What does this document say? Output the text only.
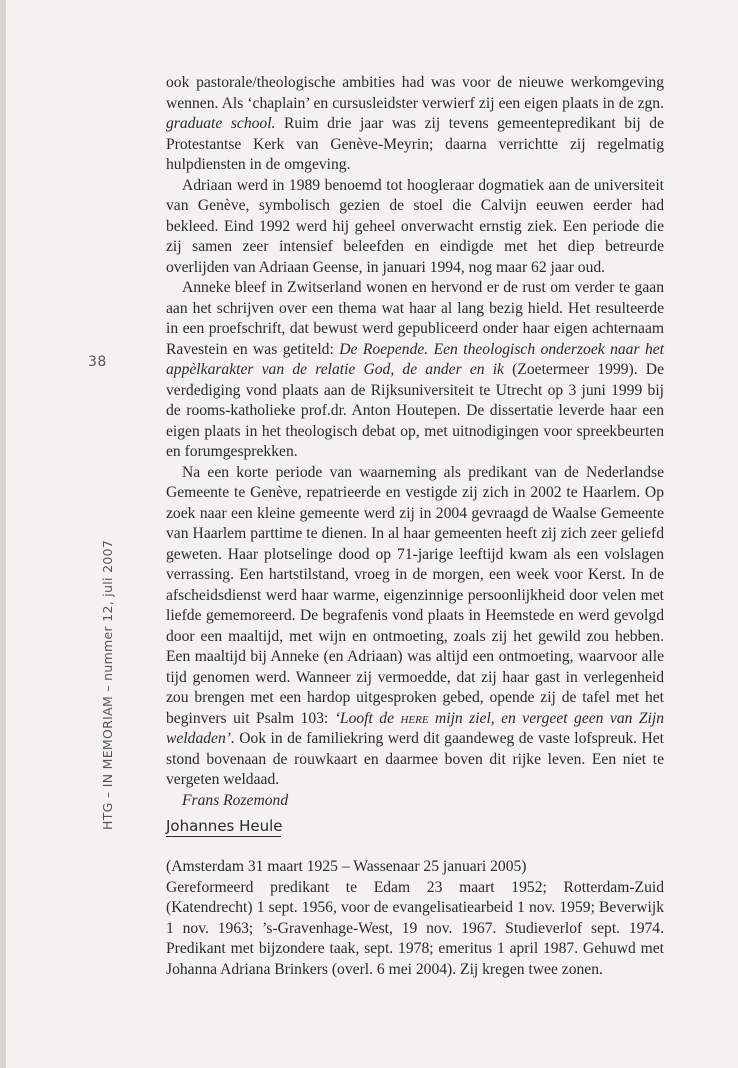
38
HTG – IN MEMORIAM – nummer 12, juli 2007

ook pastorale/theologische ambities had was voor de nieuwe werkomgeving wennen. Als ‘chaplain’ en cursusleidster verwierf zij een eigen plaats in de zgn. graduate school. Ruim drie jaar was zij tevens gemeentepredikant bij de Protestantse Kerk van Genève-Meyrin; daarna verrichtte zij regelmatig hulpdiensten in de omgeving.

Adriaan werd in 1989 benoemd tot hoogleraar dogmatiek aan de universiteit van Genève, symbolisch gezien de stoel die Calvijn eeuwen eerder had bekleed. Eind 1992 werd hij geheel onverwacht ernstig ziek. Een periode die zij samen zeer intensief beleefden en eindigde met het diep betreurde overlijden van Adriaan Geense, in januari 1994, nog maar 62 jaar oud.

Anneke bleef in Zwitserland wonen en hervond er de rust om verder te gaan aan het schrijven over een thema wat haar al lang bezig hield. Het resulteerde in een proefschrift, dat bewust werd gepubliceerd onder haar eigen achternaam Ravestein en was getiteld: De Roepende. Een theologisch onderzoek naar het appèlkarakter van de relatie God, de ander en ik (Zoetermeer 1999). De verdediging vond plaats aan de Rijksuniversiteit te Utrecht op 3 juni 1999 bij de rooms-katholieke prof.dr. Anton Houtepen. De dissertatie leverde haar een eigen plaats in het theologisch debat op, met uitnodigingen voor spreekbeurten en forumgesprekken.

Na een korte periode van waarneming als predikant van de Nederlandse Gemeente te Genève, repatrieerde en vestigde zij zich in 2002 te Haarlem. Op zoek naar een kleine gemeente werd zij in 2004 gevraagd de Waalse Gemeente van Haarlem parttime te dienen. In al haar gemeenten heeft zij zich zeer geliefd geweten. Haar plotselinge dood op 71-jarige leeftijd kwam als een volslagen verrassing. Een hartstilstand, vroeg in de morgen, een week voor Kerst. In de afscheidsdienst werd haar warme, eigenzinnige persoonlijkheid door velen met liefde gememoreerd. De begrafenis vond plaats in Heemstede en werd gevolgd door een maaltijd, met wijn en ontmoeting, zoals zij het gewild zou hebben. Een maaltijd bij Anneke (en Adriaan) was altijd een ontmoeting, waarvoor alle tijd genomen werd. Wanneer zij vermoedde, dat zij haar gast in verlegenheid zou brengen met een hardop uitgesproken gebed, opende zij de tafel met het beginvers uit Psalm 103: ‘Looft de here mijn ziel, en vergeet geen van Zijn weldaden’. Ook in de familiekring werd dit gaandeweg de vaste lofspreuk. Het stond bovenaan de rouwkaart en daarmee boven dit rijke leven. Een niet te vergeten weldaad.

Frans Rozemond

Johannes Heule

(Amsterdam 31 maart 1925 – Wassenaar 25 januari 2005)

Gereformeerd predikant te Edam 23 maart 1952; Rotterdam-Zuid (Katendrecht) 1 sept. 1956, voor de evangelisatiearbeid 1 nov. 1959; Beverwijk 1 nov. 1963; ’s-Gravenhage-West, 19 nov. 1967. Studieverlof sept. 1974. Predikant met bijzondere taak, sept. 1978; emeritus 1 april 1987. Gehuwd met Johanna Adriana Brinkers (overl. 6 mei 2004). Zij kregen twee zonen.
